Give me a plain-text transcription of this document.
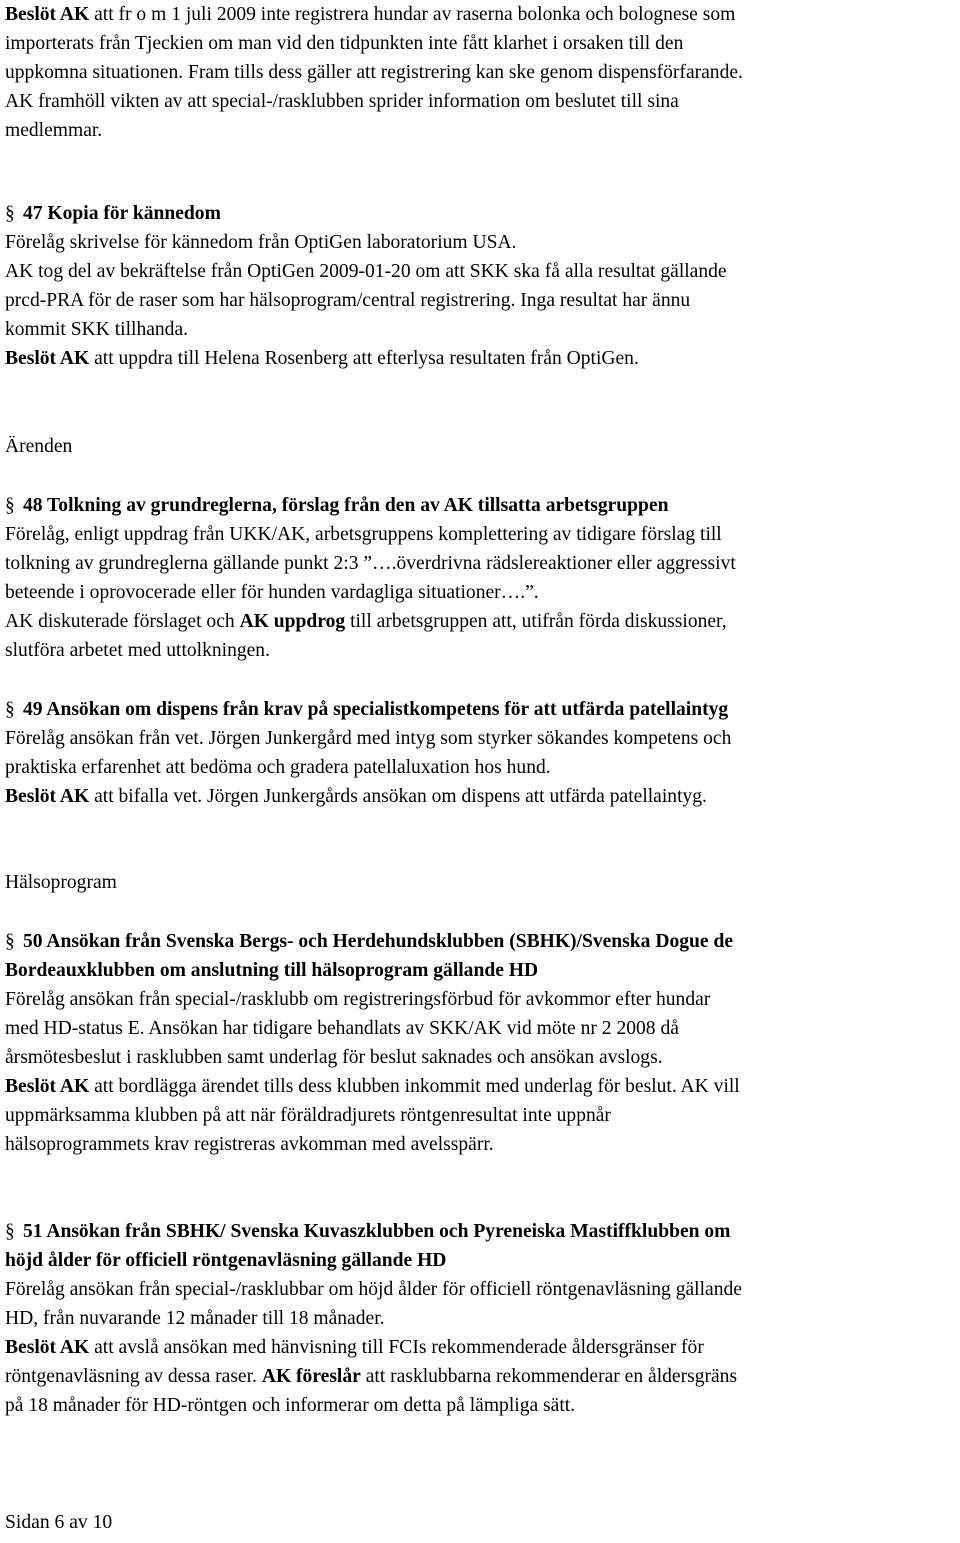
Beslöt AK att fr o m 1 juli 2009 inte registrera hundar av raserna bolonka och bolognese som
importerats från Tjeckien om man vid den tidpunkten inte fått klarhet i orsaken till den
uppkomna situationen. Fram tills dess gäller att registrering kan ske genom dispensförfarande.
AK framhöll vikten av att special-/rasklubben sprider information om beslutet till sina
medlemmar.
§ 47 Kopia för kännedom
Förelåg skrivelse för kännedom från OptiGen laboratorium USA.
AK tog del av bekräftelse från OptiGen 2009-01-20 om att SKK ska få alla resultat gällande
prcd-PRA för de raser som har hälsoprogram/central registrering. Inga resultat har ännu
kommit SKK tillhanda.
Beslöt AK att uppdra till Helena Rosenberg att efterlysa resultaten från OptiGen.
Ärenden
§ 48 Tolkning av grundreglerna, förslag från den av AK tillsatta arbetsgruppen
Förelåg, enligt uppdrag från UKK/AK, arbetsgruppens komplettering av tidigare förslag till
tolkning av grundreglerna gällande punkt 2:3 ”….överdrivna rädslereaktioner eller aggressivt
beteende i oprovocerade eller för hunden vardagliga situationer….”.
AK diskuterade förslaget och AK uppdrog till arbetsgruppen att, utifrån förda diskussioner,
slutföra arbetet med uttolkningen.
§ 49 Ansökan om dispens från krav på specialistkompetens för att utfärda patellaintyg
Förelåg ansökan från vet. Jörgen Junkergård med intyg som styrker sökandes kompetens och
praktiska erfarenhet att bedöma och gradera patellaluxation hos hund.
Beslöt AK att bifalla vet. Jörgen Junkergårds ansökan om dispens att utfärda patellaintyg.
Hälsoprogram
§ 50 Ansökan från Svenska Bergs- och Herdehundsklubben (SBHK)/Svenska Dogue de
Bordeauxklubben om anslutning till hälsoprogram gällande HD
Förelåg ansökan från special-/rasklubb om registreringsförbud för avkommor efter hundar
med HD-status E. Ansökan har tidigare behandlats av SKK/AK vid möte nr 2 2008 då
årsmötesbeslut i rasklubben samt underlag för beslut saknades och ansökan avslogs.
Beslöt AK att bordlägga ärendet tills dess klubben inkommit med underlag för beslut. AK vill
uppmärksamma klubben på att när föräldradjurets röntgenresultat inte uppnår
hälsoprogrammets krav registreras avkomman med avelsspärr.
§ 51 Ansökan från SBHK/ Svenska Kuvaszklubben och Pyreneiska Mastiffklubben om
höjd ålder för officiell röntgenavläsning gällande HD
Förelåg ansökan från special-/rasklubbar om höjd ålder för officiell röntgenavläsning gällande
HD, från nuvarande 12 månader till 18 månader.
Beslöt AK att avslå ansökan med hänvisning till FCIs rekommenderade åldersgränser för
röntgenavläsning av dessa raser. AK föreslår att rasklubbarna rekommenderar en åldersgräns
på 18 månader för HD-röntgen och informerar om detta på lämpliga sätt.
Sidan 6 av 10
